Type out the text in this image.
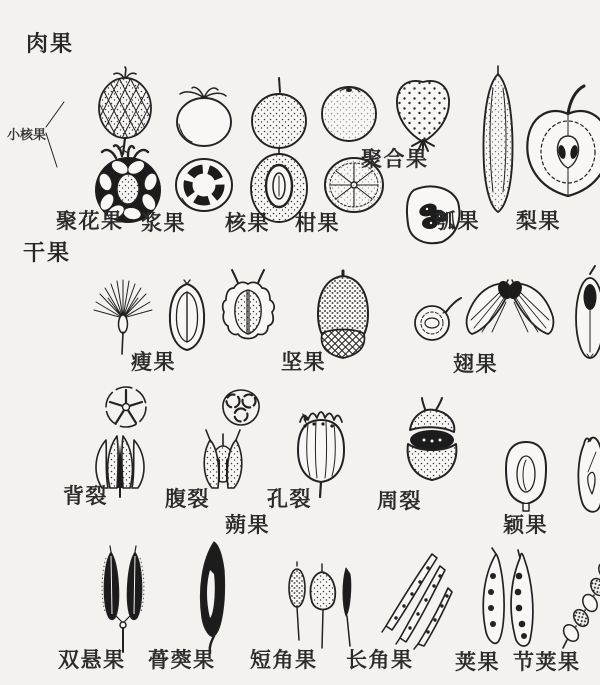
肉果
干果
小核果
聚花果 浆果 核果 柑果
聚合果
瓠果 梨果
瘦果	坚果	翅果
背裂	腹裂	孔裂	周裂
蒴果	颖果
双悬果 蓇葖果 短角果 长角果 荚果 节荚果
